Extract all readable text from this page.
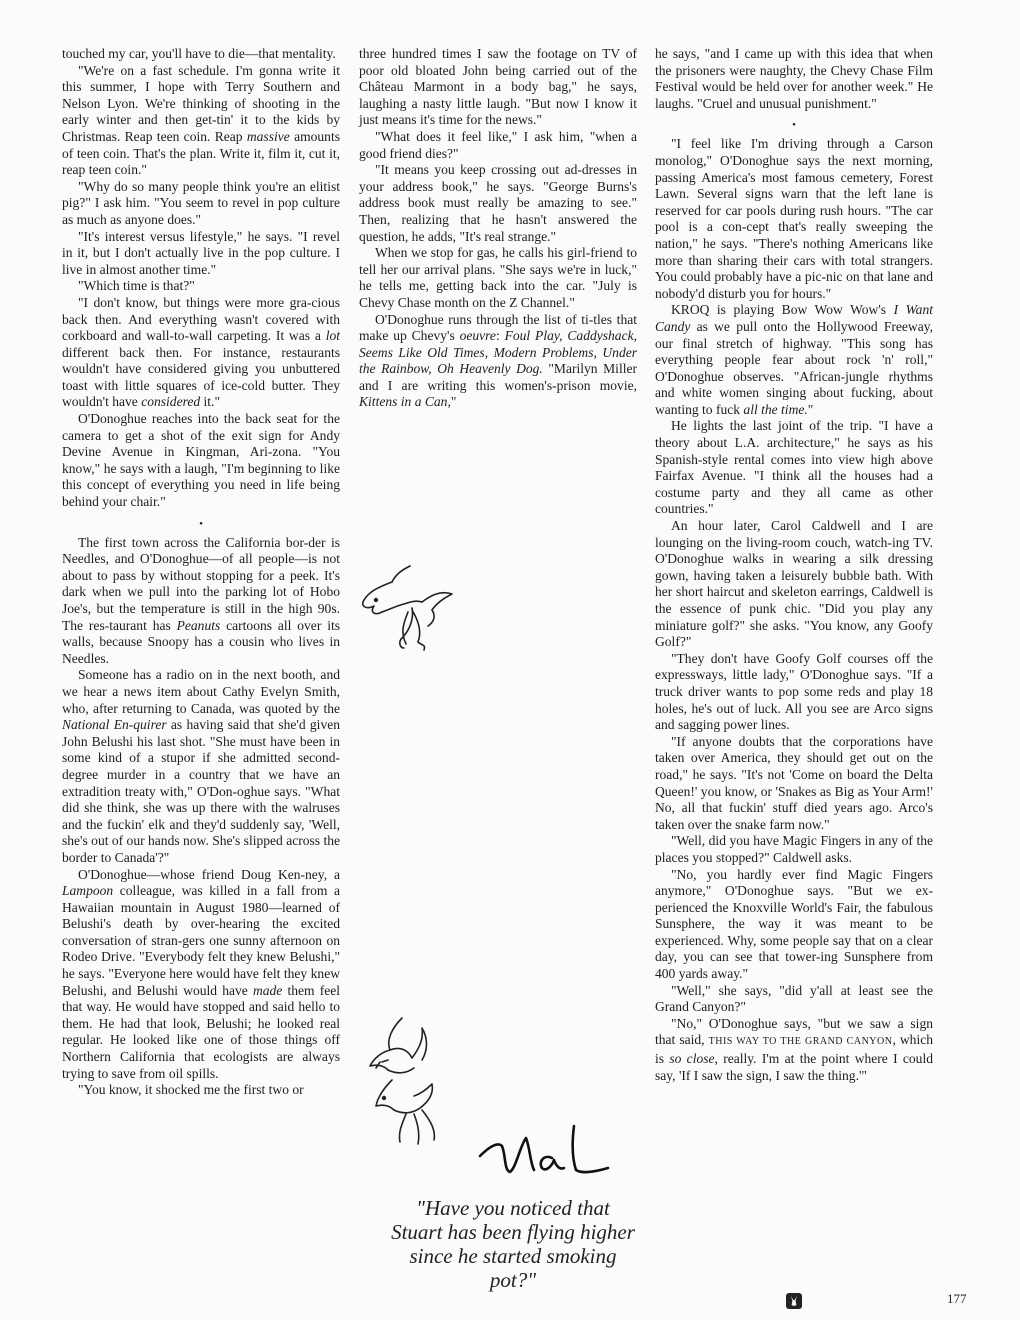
touched my car, you'll have to die—that mentality.

"We're on a fast schedule. I'm gonna write it this summer, I hope with Terry Southern and Nelson Lyon. We're thinking of shooting in the early winter and then get-tin' it to the kids by Christmas. Reap teen coin. Reap massive amounts of teen coin. That's the plan. Write it, film it, cut it, reap teen coin."

"Why do so many people think you're an elitist pig?" I ask him. "You seem to revel in pop culture as much as anyone does."

"It's interest versus lifestyle," he says. "I revel in it, but I don't actually live in the pop culture. I live in almost another time."

"Which time is that?"

"I don't know, but things were more gra-cious back then. And everything wasn't covered with corkboard and wall-to-wall carpeting. It was a lot different back then. For instance, restaurants wouldn't have considered giving you unbuttered toast with little squares of ice-cold butter. They wouldn't have considered it."

O'Donoghue reaches into the back seat for the camera to get a shot of the exit sign for Andy Devine Avenue in Kingman, Ari-zona. "You know," he says with a laugh, "I'm beginning to like this concept of everything you need in life being behind your chair."

•

The first town across the California bor-der is Needles, and O'Donoghue—of all people—is not about to pass by without stopping for a peek. It's dark when we pull into the parking lot of Hobo Joe's, but the temperature is still in the high 90s. The res-taurant has Peanuts cartoons all over its walls, because Snoopy has a cousin who lives in Needles.

Someone has a radio on in the next booth, and we hear a news item about Cathy Evelyn Smith, who, after returning to Canada, was quoted by the National En-quirer as having said that she'd given John Belushi his last shot. "She must have been in some kind of a stupor if she admitted second-degree murder in a country that we have an extradition treaty with," O'Don-oghue says. "What did she think, she was up there with the walruses and the fuckin' elk and they'd suddenly say, 'Well, she's out of our hands now. She's slipped across the border to Canada'?"

O'Donoghue—whose friend Doug Ken-ney, a Lampoon colleague, was killed in a fall from a Hawaiian mountain in August 1980—learned of Belushi's death by over-hearing the excited conversation of stran-gers one sunny afternoon on Rodeo Drive. "Everybody felt they knew Belushi," he says. "Everyone here would have felt they knew Belushi, and Belushi would have made them feel that way. He would have stopped and said hello to them. He had that look, Belushi; he looked real regular. He looked like one of those things off Northern California that ecologists are always trying to save from oil spills.

"You know, it shocked me the first two or

three hundred times I saw the footage on TV of poor old bloated John being carried out of the Château Marmont in a body bag," he says, laughing a nasty little laugh. "But now I know it just means it's time for the news."

"What does it feel like," I ask him, "when a good friend dies?"

"It means you keep crossing out ad-dresses in your address book," he says. "George Burns's address book must really be amazing to see." Then, realizing that he hasn't answered the question, he adds, "It's real strange."

When we stop for gas, he calls his girl-friend to tell her our arrival plans. "She says we're in luck," he tells me, getting back into the car. "July is Chevy Chase month on the Z Channel."

O'Donoghue runs through the list of ti-tles that make up Chevy's oeuvre: Foul Play, Caddyshack, Seems Like Old Times, Modern Problems, Under the Rainbow, Oh Heavenly Dog. "Marilyn Miller and I are writing this women's-prison movie, Kittens in a Can,"

he says, "and I came up with this idea that when the prisoners were naughty, the Chevy Chase Film Festival would be held over for another week." He laughs. "Cruel and unusual punishment."

•

"I feel like I'm driving through a Carson monolog," O'Donoghue says the next morning, passing America's most famous cemetery, Forest Lawn. Several signs warn that the left lane is reserved for car pools during rush hours. "The car pool is a con-cept that's really sweeping the nation," he says. "There's nothing Americans like more than sharing their cars with total strangers. You could probably have a pic-nic on that lane and nobody'd disturb you for hours."

KROQ is playing Bow Wow Wow's I Want Candy as we pull onto the Hollywood Freeway, our final stretch of highway. "This song has everything people fear about rock 'n' roll," O'Donoghue observes. "African-jungle rhythms and white women singing about fucking, about wanting to fuck all the time."

He lights the last joint of the trip. "I have a theory about L.A. architecture," he says as his Spanish-style rental comes into view high above Fairfax Avenue. "I think all the houses had a costume party and they all came as other countries."

An hour later, Carol Caldwell and I are lounging on the living-room couch, watch-ing TV. O'Donoghue walks in wearing a silk dressing gown, having taken a leisurely bubble bath. With her short haircut and skeleton earrings, Caldwell is the essence of punk chic. "Did you play any miniature golf?" she asks. "You know, any Goofy Golf?"

"They don't have Goofy Golf courses off the expressways, little lady," O'Donoghue says. "If a truck driver wants to pop some reds and play 18 holes, he's out of luck. All you see are Arco signs and sagging power lines.

"If anyone doubts that the corporations have taken over America, they should get out on the road," he says. "It's not 'Come on board the Delta Queen!' you know, or 'Snakes as Big as Your Arm!' No, all that fuckin' stuff died years ago. Arco's taken over the snake farm now."

"Well, did you have Magic Fingers in any of the places you stopped?" Caldwell asks.

"No, you hardly ever find Magic Fingers anymore," O'Donoghue says. "But we ex-perienced the Knoxville World's Fair, the fabulous Sunsphere, the way it was meant to be experienced. Why, some people say that on a clear day, you can see that tower-ing Sunsphere from 400 yards away."

"Well," she says, "did y'all at least see the Grand Canyon?"

"No," O'Donoghue says, "but we saw a sign that said, THIS WAY TO THE GRAND CANYON, which is so close, really. I'm at the point where I could say, 'If I saw the sign, I saw the thing.'"

"Have you noticed that Stuart has been flying higher since he started smoking pot?"
177
